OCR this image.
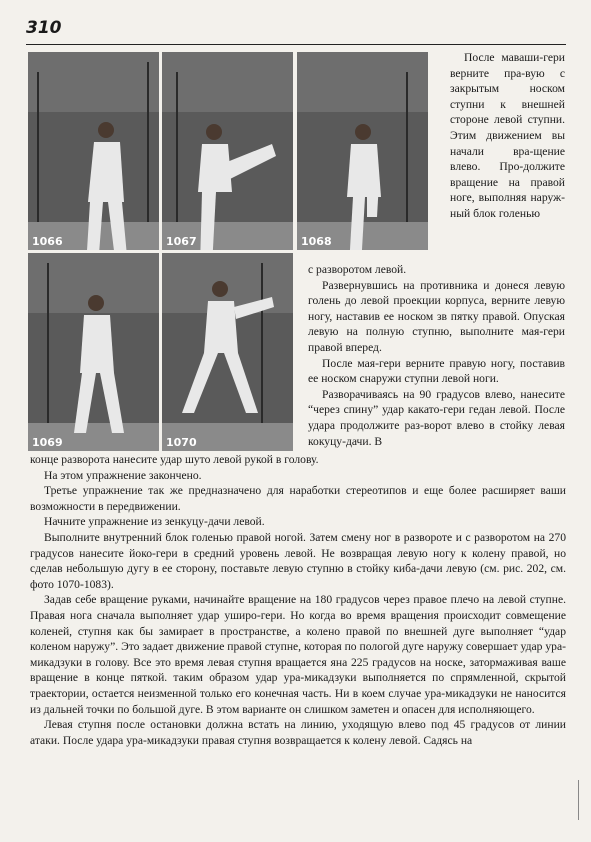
310
1066	1067	1068
1069	1070

После маваши-гери верните пра-вую с закрытым носком ступни к внешней стороне левой ступни. Этим движением вы начали вра-щение влево. Про-должите вращение на правой ноге, выполняя наруж-ный блок голенью

с разворотом левой.

Развернувшись на противника и донеся левую голень до левой проекции корпуса, верните левую ногу, наставив ее носком зв пятку правой. Опуская левую на полную ступню, выполните мая-гери правой вперед.

После мая-гери верните правую ногу, поставив ее носком снаружи ступни левой ноги.

Разворачиваясь на 90 градусов влево, нанесите “через спину” удар какато-гери гедан левой. После удара продолжите раз-ворот влево в стойку левая кокуцу-дачи. В

конце разворота нанесите удар шуто левой рукой в голову.

На этом упражнение закончено.

Третье упражнение так же предназначено для наработки стереотипов и еще более расширяет ваши возможности в передвижении.

Начните упражнение из зенкуцу-дачи левой.

Выполните внутренний блок голенью правой ногой. Затем смену ног в развороте и с разворотом на 270 градусов нанесите йоко-гери в средний уровень левой. Не возвращая левую ногу к колену правой, но сделав небольшую дугу в ее сторону, поставьте левую ступню в стойку киба-дачи левую (см. рис. 202, см. фото 1070-1083).

Задав себе вращение руками, начинайте вращение на 180 градусов через правое плечо на левой ступне. Правая нога сначала выполняет удар уширо-гери. Но когда во время вращения происходит совмещение коленей, ступня как бы замирает в пространстве, а колено правой по внешней дуге выполняет “удар коленом наружу”. Это задает движение правой ступне, которая по пологой дуге наружу совершает удар ура-микадзуки в голову. Все это время левая ступня вращается яна 225 градусов на носке, затормаживая ваше вращение в конце пяткой. таким образом удар ура-микадзуки выполняется по спрямленной, скрытой траектории, остается неизменной только его конечная часть. Ни в коем случае ура-микадзуки не наносится из дальней точки по большой дуге. В этом варианте он слишком заметен и опасен для исполняющего.

Левая ступня после остановки должна встать на линию, уходящую влево под 45 градусов от линии атаки. После удара ура-микадзуки правая ступня возвращается к колену левой. Садясь на
